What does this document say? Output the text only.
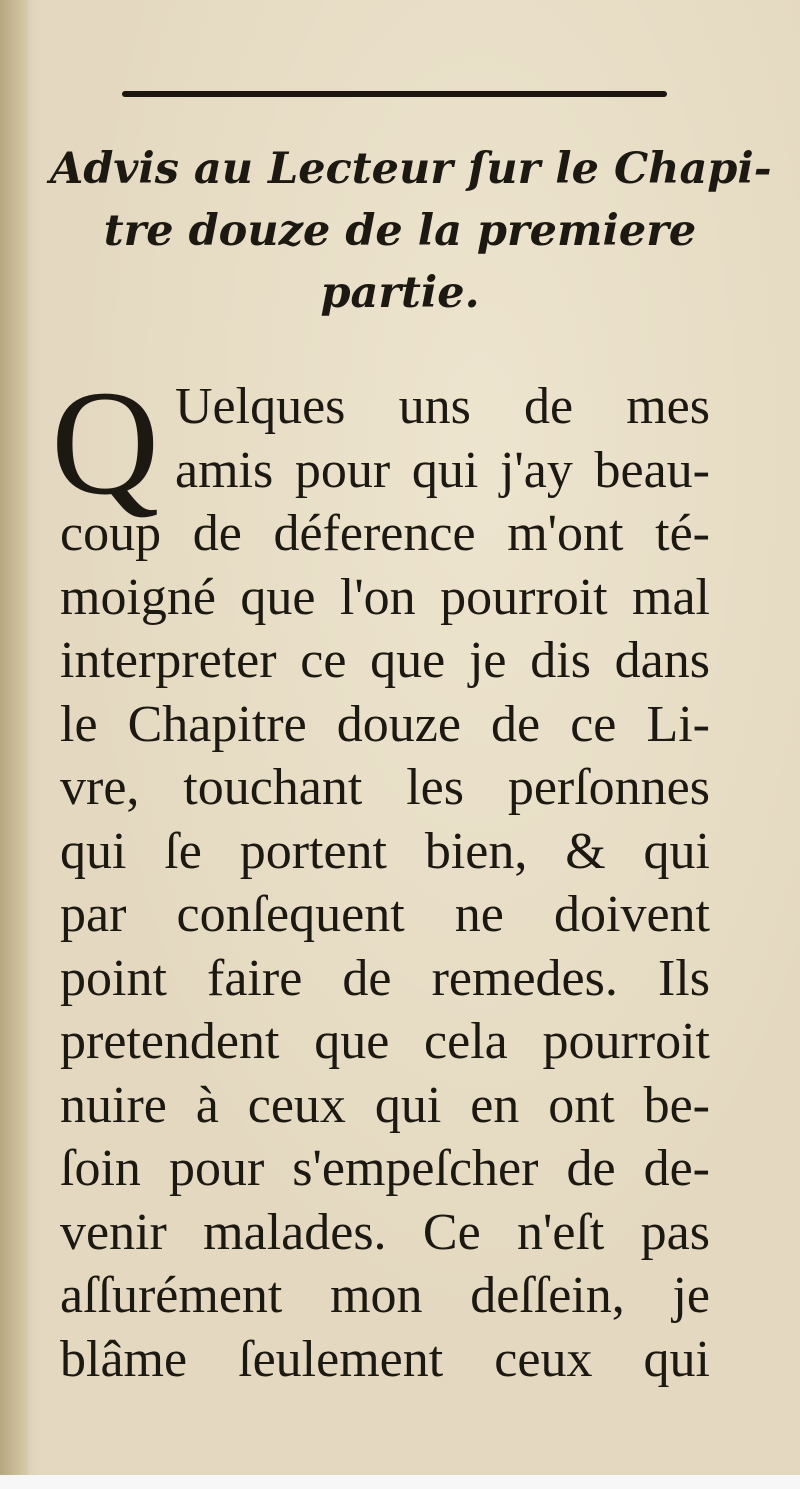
Advis au Lecteur ſur le Chapi-
tre douze de la premiere
partie.
Q Uelques uns de mes
amis pour qui j'ay beau-
coup de déference m'ont té-
moigné que l'on pourroit mal
interpreter ce que je dis dans
le Chapitre douze de ce Li-
vre, touchant les perſonnes
qui ſe portent bien, & qui
par conſequent ne doivent
point faire de remedes. Ils
pretendent que cela pourroit
nuire à ceux qui en ont be-
ſoin pour s'empeſcher de de-
venir malades. Ce n'eſt pas
aſſurément mon deſſein, je
blâme ſeulement ceux qui
